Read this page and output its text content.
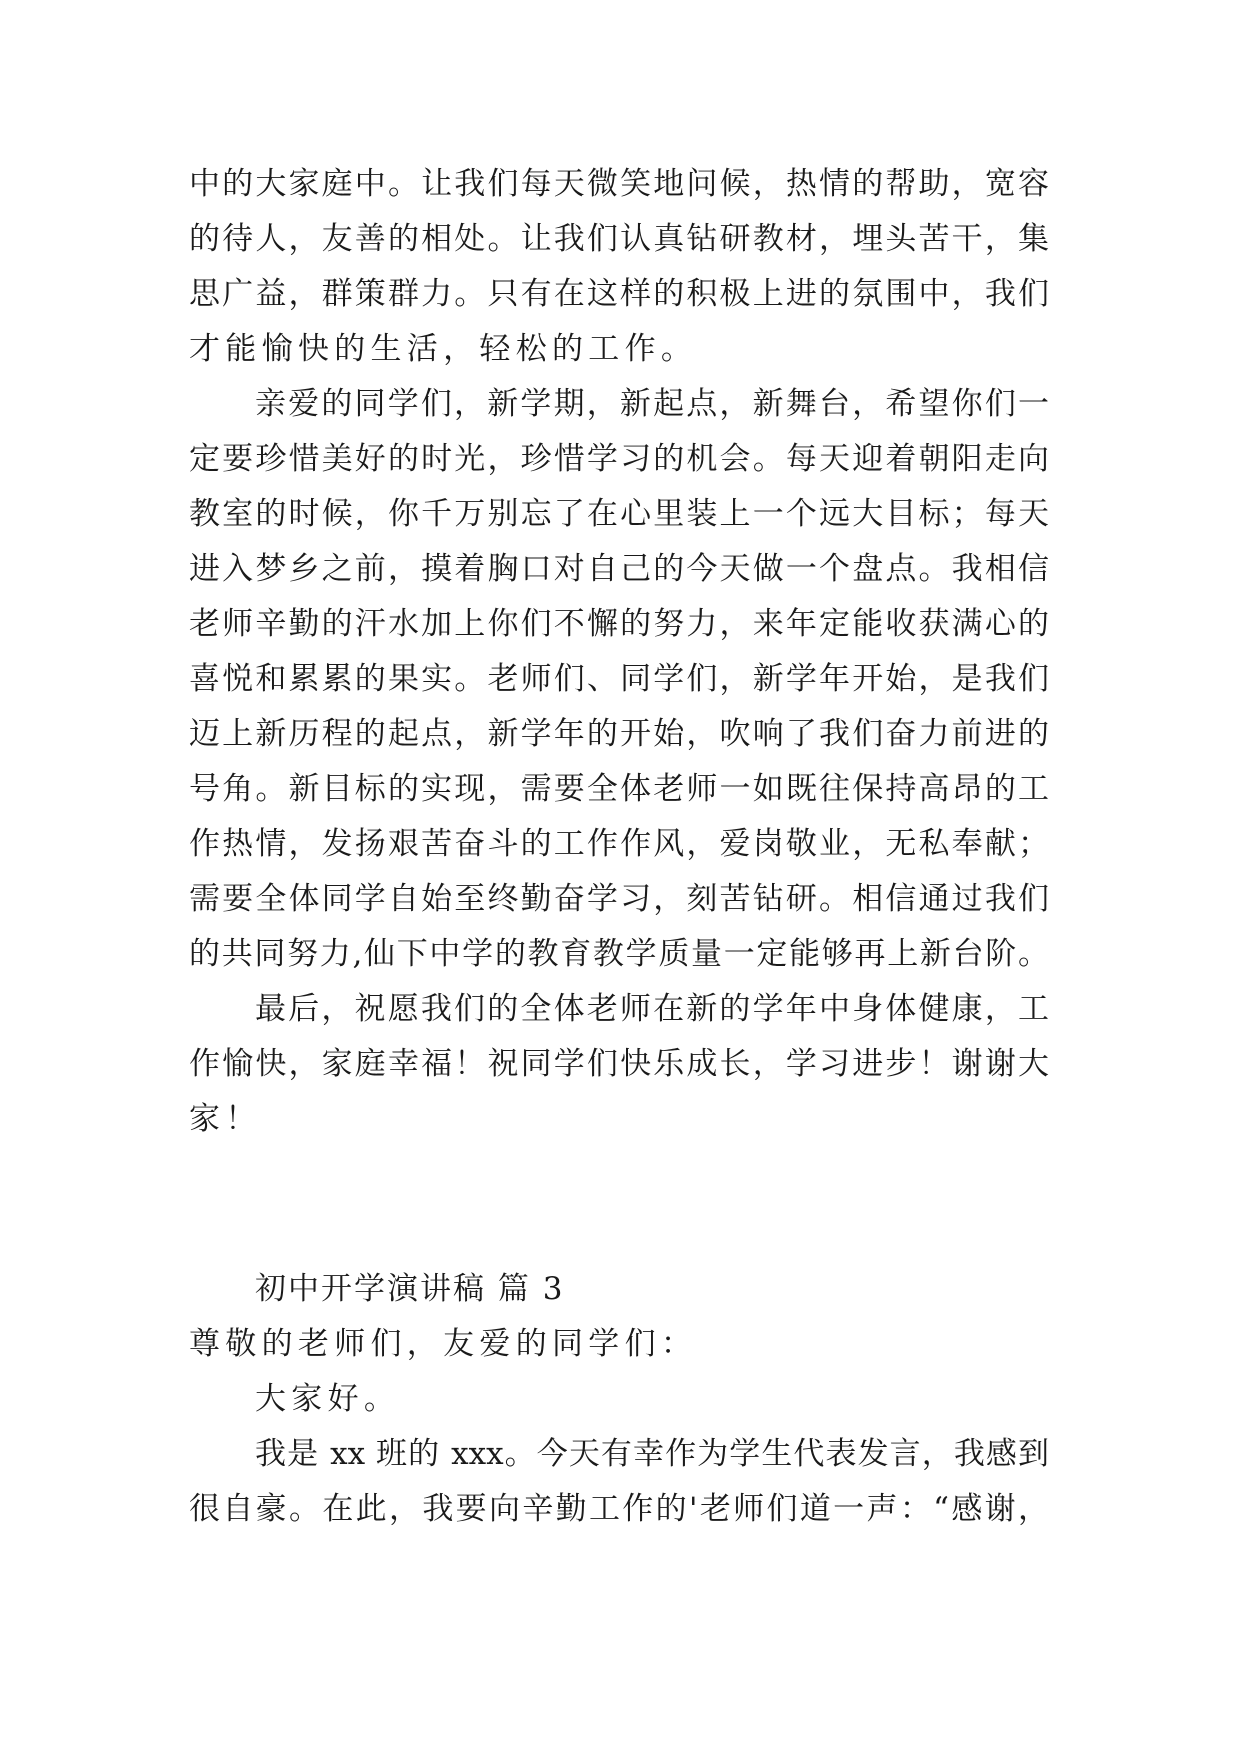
中的大家庭中。让我们每天微笑地问候，热情的帮助，宽容
的待人，友善的相处。让我们认真钻研教材，埋头苦干，集
思广益，群策群力。只有在这样的积极上进的氛围中，我们
才能愉快的生活，轻松的工作。
亲爱的同学们，新学期，新起点，新舞台，希望你们一
定要珍惜美好的时光，珍惜学习的机会。每天迎着朝阳走向
教室的时候，你千万别忘了在心里装上一个远大目标；每天
进入梦乡之前，摸着胸口对自己的今天做一个盘点。我相信
老师辛勤的汗水加上你们不懈的努力，来年定能收获满心的
喜悦和累累的果实。老师们、同学们，新学年开始，是我们
迈上新历程的起点，新学年的开始，吹响了我们奋力前进的
号角。新目标的实现，需要全体老师一如既往保持高昂的工
作热情，发扬艰苦奋斗的工作作风，爱岗敬业，无私奉献；
需要全体同学自始至终勤奋学习，刻苦钻研。相信通过我们
的共同努力,仙下中学的教育教学质量一定能够再上新台阶。
最后，祝愿我们的全体老师在新的学年中身体健康，工
作愉快，家庭幸福！祝同学们快乐成长，学习进步！谢谢大
家！
初中开学演讲稿 篇 3
尊敬的老师们，友爱的同学们：
大家好。
我是 xx 班的 xxx。今天有幸作为学生代表发言，我感到
很自豪。在此，我要向辛勤工作的'老师们道一声：“感谢，
